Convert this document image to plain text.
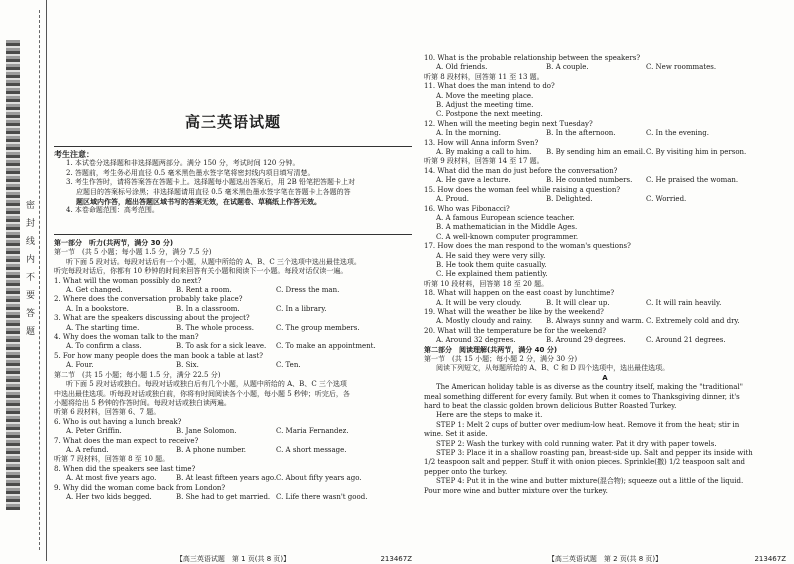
密封线内不要答题
高三英语试题
考生注意：
1. 本试卷分选择题和非选择题两部分。满分 150 分，考试时间 120 分钟。
2. 答题前，考生务必用直径 0.5 毫米黑色墨水签字笔将密封线内项目填写清楚。
3. 考生作答时，请将答案答在答题卡上。选择题每小题选出答案后，用 2B 铅笔把答题卡上对
应题目的答案标号涂黑；非选择题请用直径 0.5 毫米黑色墨水签字笔在答题卡上各题的答
题区域内作答，超出答题区域书写的答案无效，在试题卷、草稿纸上作答无效。
4. 本卷命题范围：高考范围。
第一部分　听力(共两节，满分 30 分)
第一节　(共 5 小题；每小题 1.5 分，满分 7.5 分)
听下面 5 段对话。每段对话后有一个小题，从题中所给的 A、B、C 三个选项中选出最佳选项。
听完每段对话后，你都有 10 秒钟的时间来回答有关小题和阅读下一小题。每段对话仅读一遍。
1. What will the woman possibly do next?
A. Get changed.	B. Rent a room.	C. Dress the man.
2. Where does the conversation probably take place?
A. In a bookstore.	B. In a classroom.	C. In a library.
3. What are the speakers discussing about the project?
A. The starting time.	B. The whole process.	C. The group members.
4. Why does the woman talk to the man?
A. To confirm a class.	B. To ask for a sick leave.	C. To make an appointment.
5. For how many people does the man book a table at last?
A. Four.	B. Six.	C. Ten.
第二节　(共 15 小题；每小题 1.5 分，满分 22.5 分)
听下面 5 段对话或独白。每段对话或独白后有几个小题，从题中所给的 A、B、C 三个选项
中选出最佳选项。听每段对话或独白前，你将有时间阅读各个小题，每小题 5 秒钟；听完后，各
小题将给出 5 秒钟的作答时间。每段对话或独白读两遍。
听第 6 段材料，回答第 6、7 题。
6. Who is out having a lunch break?
A. Peter Griffin.	B. Jane Solomon.	C. Maria Fernandez.
7. What does the man expect to receive?
A. A refund.	B. A phone number.	C. A short message.
听第 7 段材料，回答第 8 至 10 题。
8. When did the speakers see last time?
A. At most five years ago.	B. At least fifteen years ago. C. About fifty years ago.
9. Why did the woman come back from London?
A. Her two kids begged.	B. She had to get married. C. Life there wasn't good.
【高三英语试题　第 1 页(共 8 页)】	213467Z
10. What is the probable relationship between the speakers?
A. Old friends.	B. A couple.	C. New roommates.
听第 8 段材料，回答第 11 至 13 题。
11. What does the man intend to do?
A. Move the meeting place.
B. Adjust the meeting time.
C. Postpone the next meeting.
12. When will the meeting begin next Tuesday?
A. In the morning.	B. In the afternoon.	C. In the evening.
13. How will Anna inform Sven?
A. By making a call to him.	B. By sending him an email. C. By visiting him in person.
听第 9 段材料，回答第 14 至 17 题。
14. What did the man do just before the conversation?
A. He gave a lecture.	B. He counted numbers.	C. He praised the woman.
15. How does the woman feel while raising a question?
A. Proud.	B. Delighted.	C. Worried.
16. Who was Fibonacci?
A. A famous European science teacher.
B. A mathematician in the Middle Ages.
C. A well-known computer programmer.
17. How does the man respond to the woman's questions?
A. He said they were very silly.
B. He took them quite casually.
C. He explained them patiently.
听第 10 段材料，回答第 18 至 20 题。
18. What will happen on the east coast by lunchtime?
A. It will be very cloudy.	B. It will clear up.	C. It will rain heavily.
19. What will the weather be like by the weekend?
A. Mostly cloudy and rainy.	B. Always sunny and warm. C. Extremely cold and dry.
20. What will the temperature be for the weekend?
A. Around 32 degrees.	B. Around 29 degrees.	C. Around 21 degrees.
第二部分　阅读理解(共两节，满分 40 分)
第一节　(共 15 小题；每小题 2 分，满分 30 分)
阅读下列短文，从每题所给的 A、B、C 和 D 四个选项中，选出最佳选项。
A
The American holiday table is as diverse as the country itself, making the "traditional"
meal something different for every family. But when it comes to Thanksgiving dinner, it's
hard to beat the classic golden brown delicious Butter Roasted Turkey.
Here are the steps to make it.
STEP 1: Melt 2 cups of butter over medium-low heat. Remove it from the heat; stir in
wine. Set it aside.
STEP 2: Wash the turkey with cold running water. Pat it dry with paper towels.
STEP 3: Place it in a shallow roasting pan, breast-side up. Salt and pepper its inside with
1/2 teaspoon salt and pepper. Stuff it with onion pieces. Sprinkle(撒) 1/2 teaspoon salt and
pepper onto the turkey.
STEP 4: Put it in the wine and butter mixture(混合物); squeeze out a little of the liquid.
Pour more wine and butter mixture over the turkey.
【高三英语试题　第 2 页(共 8 页)】	213467Z
